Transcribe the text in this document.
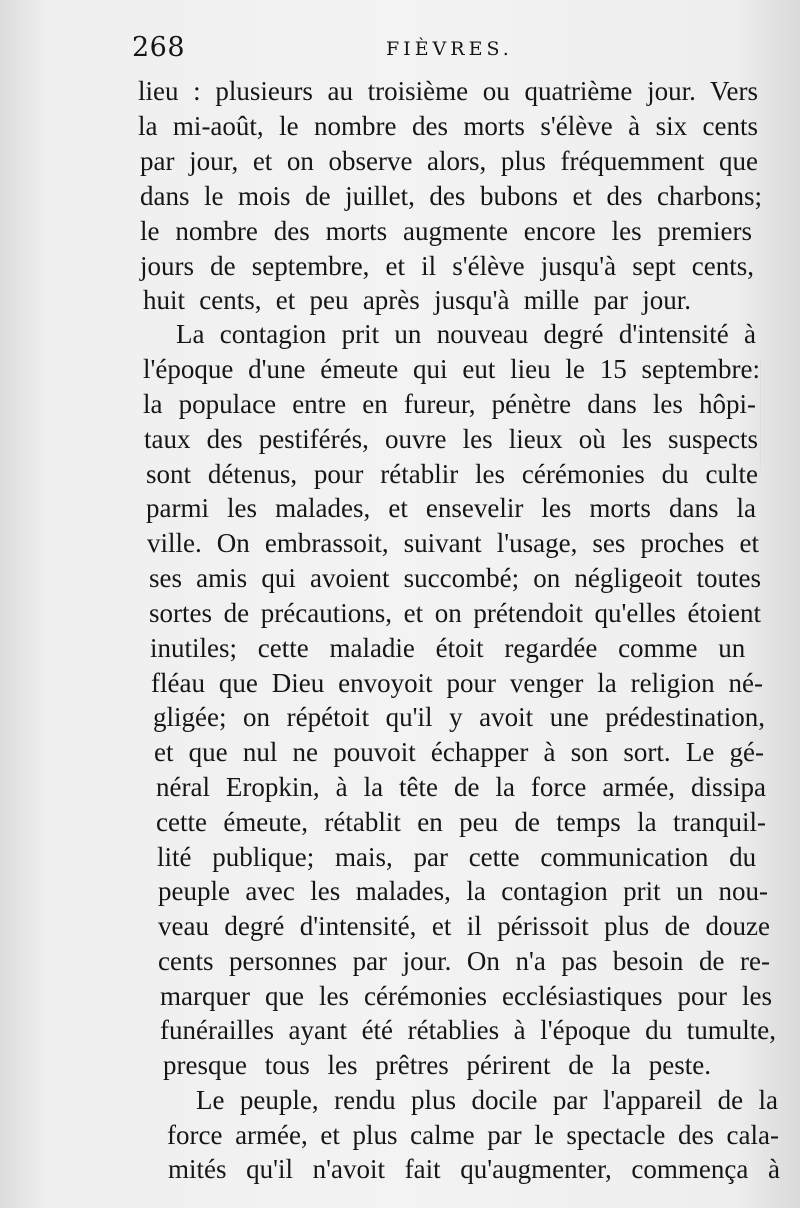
268	FIÈVRES.
lieu : plusieurs au troisième ou quatrième jour. Vers
la mi-août, le nombre des morts s'élève à six cents
par jour, et on observe alors, plus fréquemment que
dans le mois de juillet, des bubons et des charbons;
le nombre des morts augmente encore les premiers
jours de septembre, et il s'élève jusqu'à sept cents,
huit cents, et peu après jusqu'à mille par jour.
La contagion prit un nouveau degré d'intensité à
l'époque d'une émeute qui eut lieu le 15 septembre:
la populace entre en fureur, pénètre dans les hôpi-
taux des pestiférés, ouvre les lieux où les suspects
sont détenus, pour rétablir les cérémonies du culte
parmi les malades, et ensevelir les morts dans la
ville. On embrassoit, suivant l'usage, ses proches et
ses amis qui avoient succombé; on négligeoit toutes
sortes de précautions, et on prétendoit qu'elles étoient
inutiles; cette maladie étoit regardée comme un
fléau que Dieu envoyoit pour venger la religion né-
gligée; on répétoit qu'il y avoit une prédestination,
et que nul ne pouvoit échapper à son sort. Le gé-
néral Eropkin, à la tête de la force armée, dissipa
cette émeute, rétablit en peu de temps la tranquil-
lité publique; mais, par cette communication du
peuple avec les malades, la contagion prit un nou-
veau degré d'intensité, et il périssoit plus de douze
cents personnes par jour. On n'a pas besoin de re-
marquer que les cérémonies ecclésiastiques pour les
funérailles ayant été rétablies à l'époque du tumulte,
presque tous les prêtres périrent de la peste.
Le peuple, rendu plus docile par l'appareil de la
force armée, et plus calme par le spectacle des cala-
mités qu'il n'avoit fait qu'augmenter, commença à
